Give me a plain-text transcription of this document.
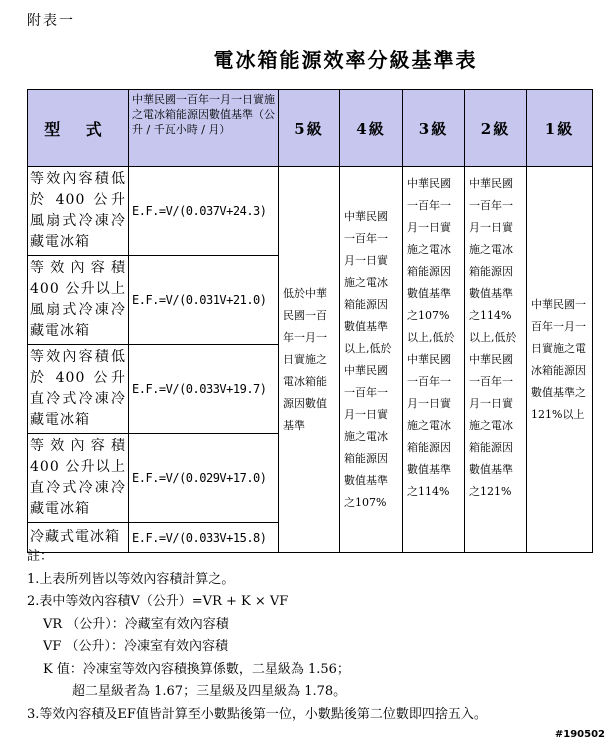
附表一
電冰箱能源效率分級基準表
型 式	中華民國一百年一月一日實施之電冰箱能源因數值基準（公升 / 千瓦小時 / 月）	5級	4級	3級	2級	1級
等效內容積低於 400 公升風扇式冷凍冷藏電冰箱	E.F.=V/(0.037V+24.3)	低於中華民國一百年一月一日實施之電冰箱能源因數值基準	中華民國一百年一月一日實施之電冰箱能源因數值基準以上,低於中華民國一百年一月一日實施之電冰箱能源因數值基準之107%	中華民國一百年一月一日實施之電冰箱能源因數值基準之107%以上,低於中華民國一百年一月一日實施之電冰箱能源因數值基準之114%	中華民國一百年一月一日實施之電冰箱能源因數值基準之114%以上,低於中華民國一百年一月一日實施之電冰箱能源因數值基準之121%	中華民國一百年一月一日實施之電冰箱能源因數值基準之121%以上
等效內容積400 公升以上風扇式冷凍冷藏電冰箱	E.F.=V/(0.031V+21.0)					
等效內容積低於 400 公升直冷式冷凍冷藏電冰箱	E.F.=V/(0.033V+19.7)					
等效內容積400 公升以上直冷式冷凍冷藏電冰箱	E.F.=V/(0.029V+17.0)					
冷藏式電冰箱	E.F.=V/(0.033V+15.8)					
註：
1.上表所列皆以等效內容積計算之。
2.表中等效內容積V（公升）=VR + K × VF
VR （公升）：冷藏室有效內容積
VF （公升）：冷凍室有效內容積
K 值：冷凍室等效內容積換算係數，二星級為 1.56；
超二星級者為 1.67；三星級及四星級為 1.78。
3.等效內容積及EF值皆計算至小數點後第一位，小數點後第二位數即四捨五入。
#190502
